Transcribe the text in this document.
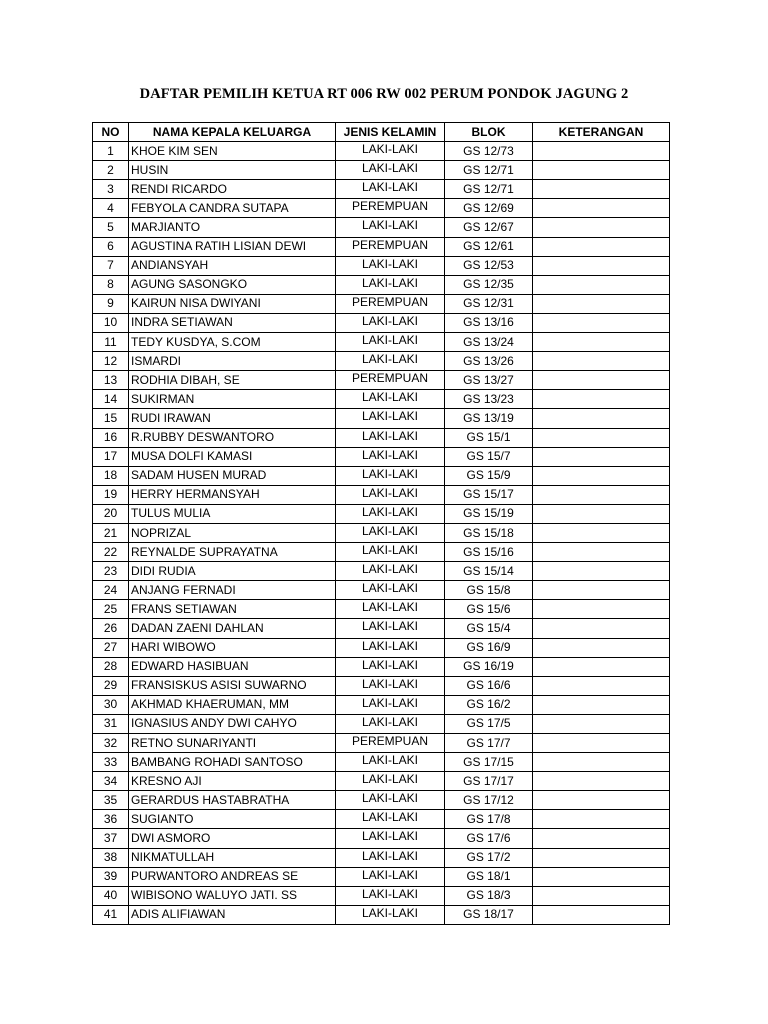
DAFTAR PEMILIH KETUA RT 006 RW 002 PERUM PONDOK JAGUNG 2
NO	NAMA KEPALA KELUARGA	JENIS KELAMIN	BLOK	KETERANGAN
1	KHOE KIM SEN	LAKI-LAKI	GS 12/73	
2	HUSIN	LAKI-LAKI	GS 12/71	
3	RENDI RICARDO	LAKI-LAKI	GS 12/71	
4	FEBYOLA CANDRA SUTAPA	PEREMPUAN	GS 12/69	
5	MARJIANTO	LAKI-LAKI	GS 12/67	
6	AGUSTINA RATIH LISIAN DEWI	PEREMPUAN	GS 12/61	
7	ANDIANSYAH	LAKI-LAKI	GS 12/53	
8	AGUNG SASONGKO	LAKI-LAKI	GS 12/35	
9	KAIRUN NISA DWIYANI	PEREMPUAN	GS 12/31	
10	INDRA SETIAWAN	LAKI-LAKI	GS 13/16	
11	TEDY KUSDYA, S.COM	LAKI-LAKI	GS 13/24	
12	ISMARDI	LAKI-LAKI	GS 13/26	
13	RODHIA DIBAH, SE	PEREMPUAN	GS 13/27	
14	SUKIRMAN	LAKI-LAKI	GS 13/23	
15	RUDI IRAWAN	LAKI-LAKI	GS 13/19	
16	R.RUBBY DESWANTORO	LAKI-LAKI	GS 15/1	
17	MUSA DOLFI KAMASI	LAKI-LAKI	GS 15/7	
18	SADAM HUSEN MURAD	LAKI-LAKI	GS 15/9	
19	HERRY HERMANSYAH	LAKI-LAKI	GS 15/17	
20	TULUS MULIA	LAKI-LAKI	GS 15/19	
21	NOPRIZAL	LAKI-LAKI	GS 15/18	
22	REYNALDE SUPRAYATNA	LAKI-LAKI	GS 15/16	
23	DIDI RUDIA	LAKI-LAKI	GS 15/14	
24	ANJANG FERNADI	LAKI-LAKI	GS 15/8	
25	FRANS SETIAWAN	LAKI-LAKI	GS 15/6	
26	DADAN ZAENI DAHLAN	LAKI-LAKI	GS 15/4	
27	HARI WIBOWO	LAKI-LAKI	GS 16/9	
28	EDWARD HASIBUAN	LAKI-LAKI	GS 16/19	
29	FRANSISKUS ASISI SUWARNO	LAKI-LAKI	GS 16/6	
30	AKHMAD KHAERUMAN, MM	LAKI-LAKI	GS 16/2	
31	IGNASIUS ANDY DWI CAHYO	LAKI-LAKI	GS 17/5	
32	RETNO SUNARIYANTI	PEREMPUAN	GS 17/7	
33	BAMBANG ROHADI SANTOSO	LAKI-LAKI	GS 17/15	
34	KRESNO AJI	LAKI-LAKI	GS 17/17	
35	GERARDUS HASTABRATHA	LAKI-LAKI	GS 17/12	
36	SUGIANTO	LAKI-LAKI	GS 17/8	
37	DWI ASMORO	LAKI-LAKI	GS 17/6	
38	NIKMATULLAH	LAKI-LAKI	GS 17/2	
39	PURWANTORO ANDREAS SE	LAKI-LAKI	GS 18/1	
40	WIBISONO WALUYO JATI. SS	LAKI-LAKI	GS 18/3	
41	ADIS ALIFIAWAN	LAKI-LAKI	GS 18/17	
